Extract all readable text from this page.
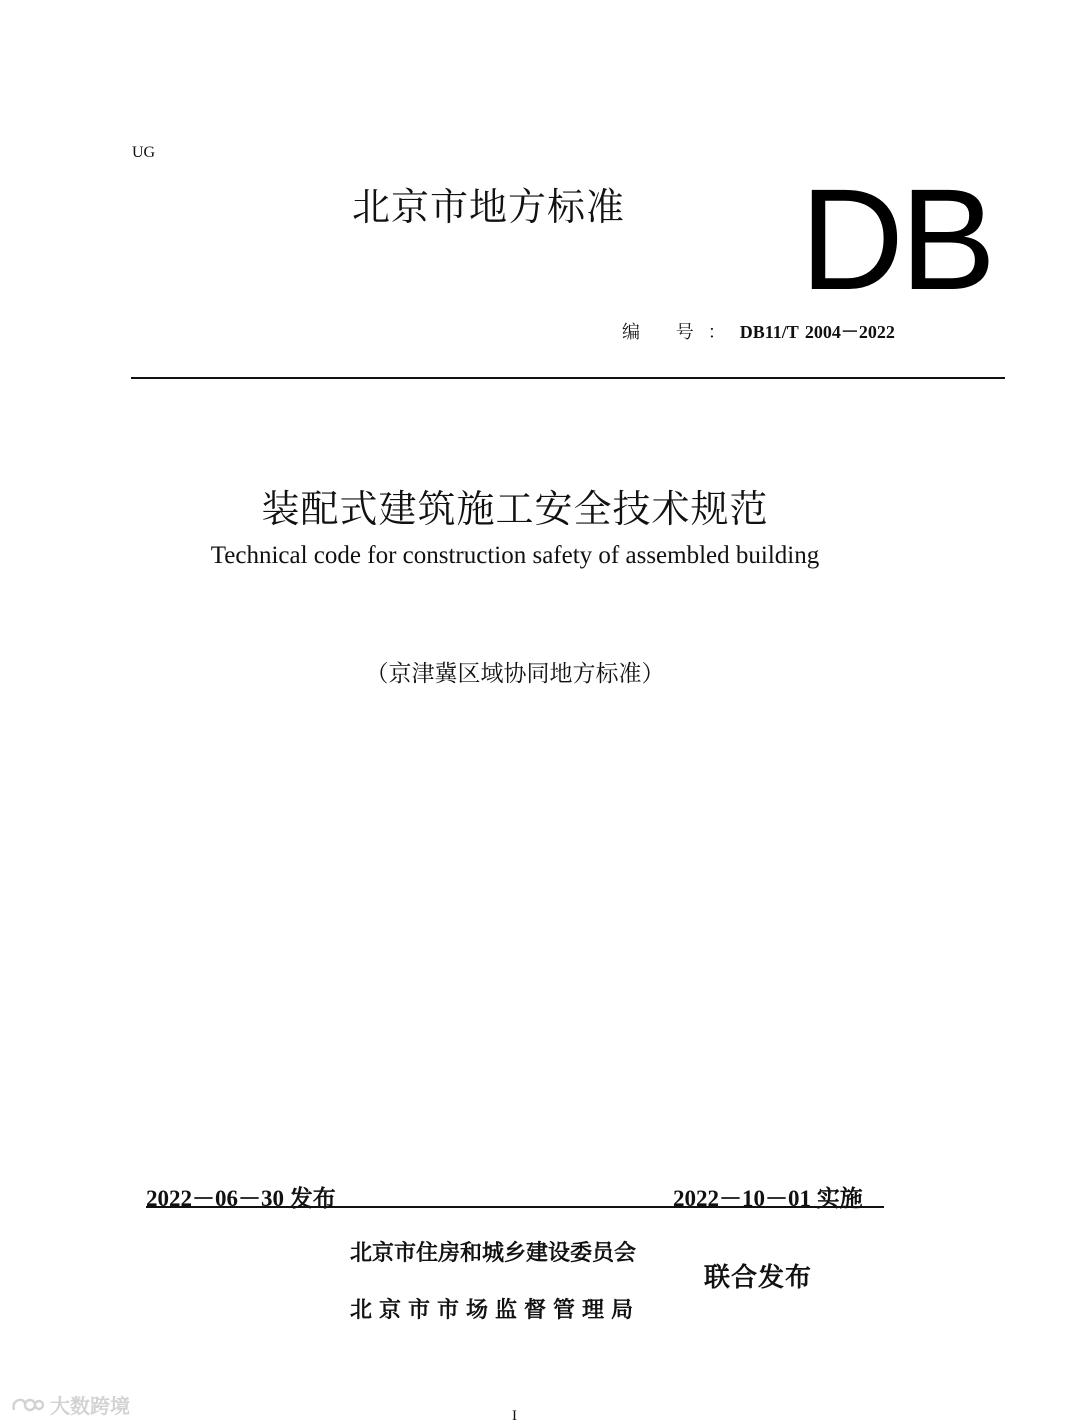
UG
北京市地方标准 DB
编 号：DB11/T 2004－2022
装配式建筑施工安全技术规范
Technical code for construction safety of assembled building
（京津冀区域协同地方标准）
2022－06－30 发布	2022－10－01 实施
北京市住房和城乡建设委员会
北京市市场监督管理局
联合发布
大数跨境	I
